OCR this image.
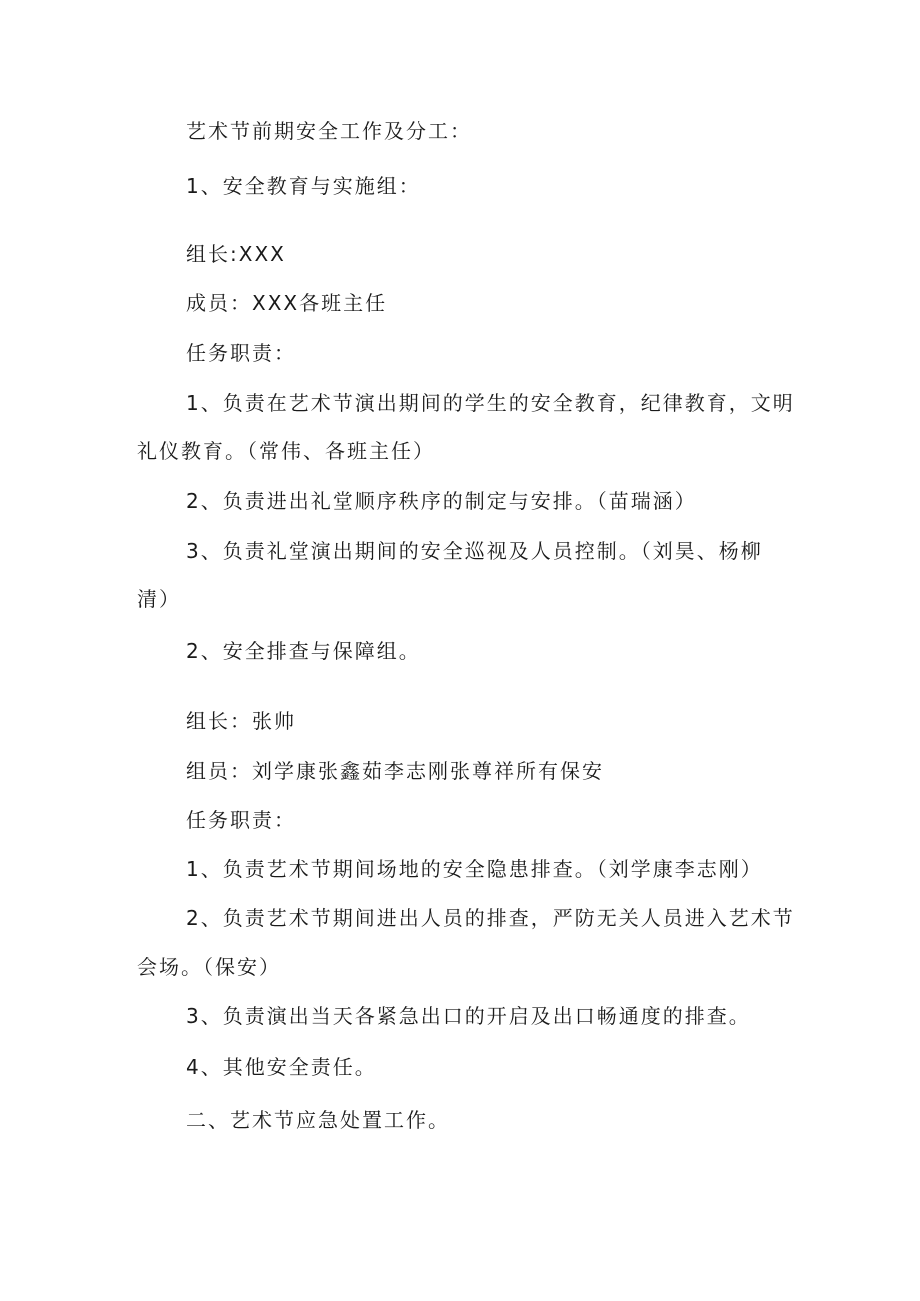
艺术节前期安全工作及分工：
1、安全教育与实施组：
组长:XXX
成员：XXX各班主任
任务职责：
1、负责在艺术节演出期间的学生的安全教育，纪律教育，文明
礼仪教育。（常伟、各班主任）
2、负责进出礼堂顺序秩序的制定与安排。（苗瑞涵）
3、负责礼堂演出期间的安全巡视及人员控制。（刘昊、杨柳
清）
2、安全排查与保障组。
组长：张帅
组员：刘学康张鑫茹李志刚张尊祥所有保安
任务职责：
1、负责艺术节期间场地的安全隐患排查。（刘学康李志刚）
2、负责艺术节期间进出人员的排查，严防无关人员进入艺术节
会场。（保安）
3、负责演出当天各紧急出口的开启及出口畅通度的排查。
4、其他安全责任。
二、艺术节应急处置工作。
